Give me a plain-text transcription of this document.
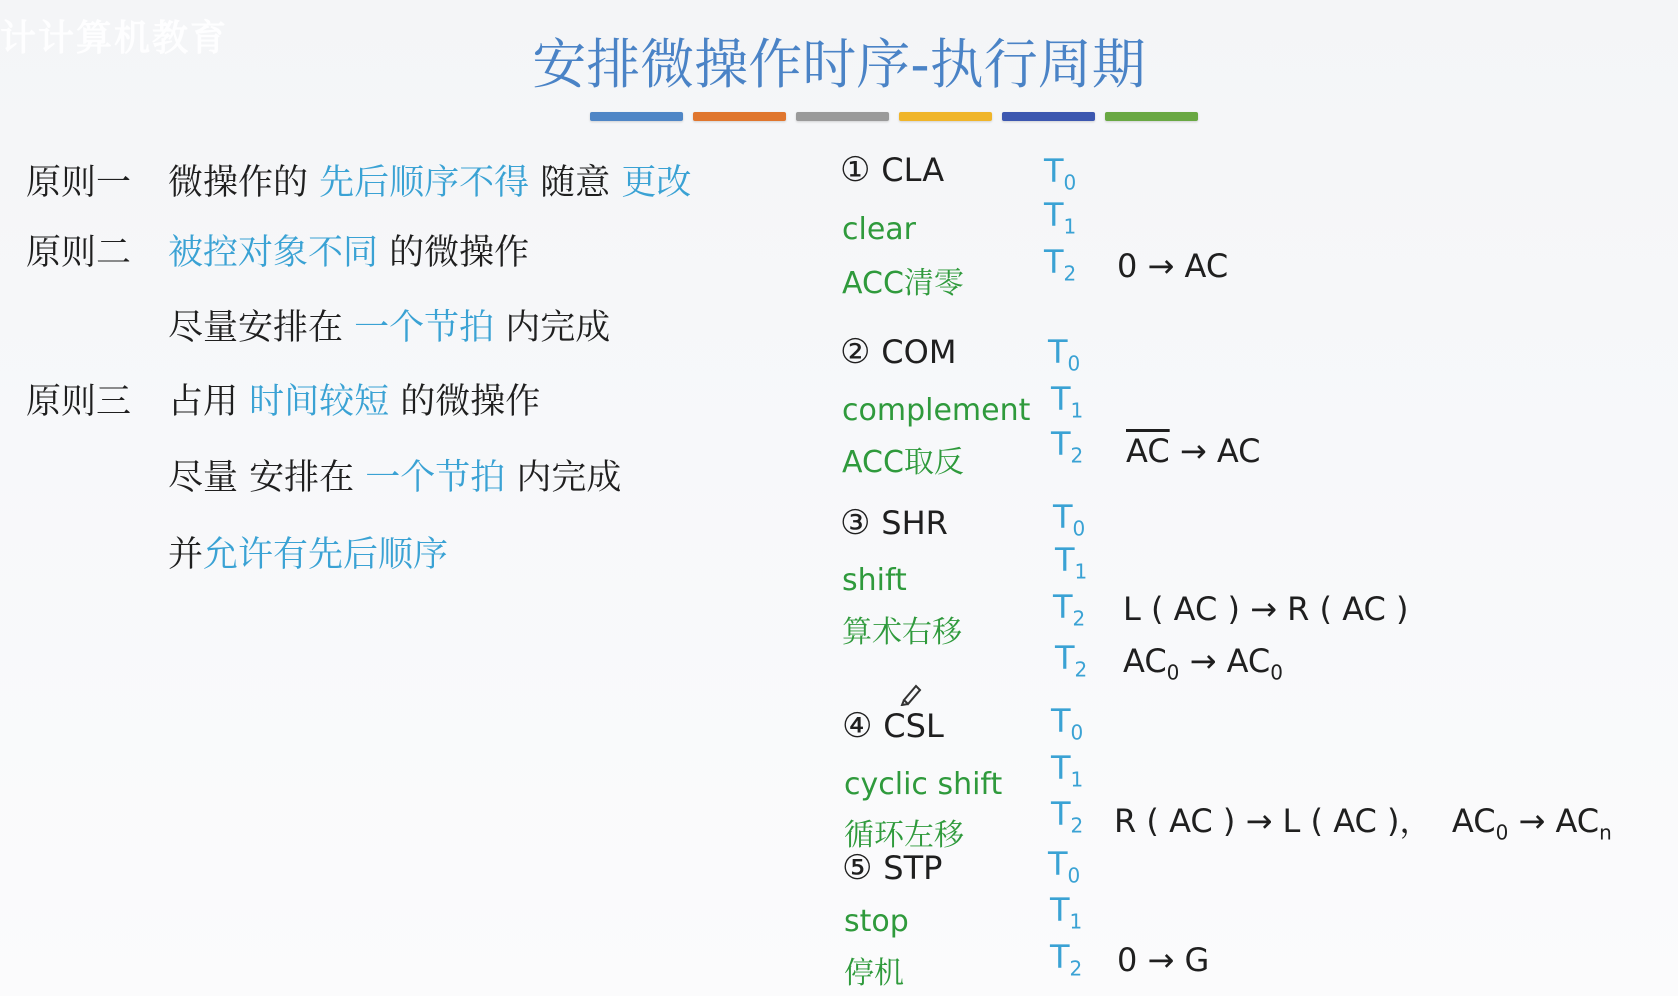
计计算机教育	安排微操作时序-执行周期
原则一 微操作的 先后顺序不得 随意 更改
原则二 被控对象不同 的微操作
尽量安排在 一个节拍 内完成
原则三 占用 时间较短 的微操作
尽量 安排在 一个节拍 内完成
并允许有先后顺序
① CLA
clear
ACC清零
② COM
complement
ACC取反
③ SHR
shift
算术右移
④ CSL
cyclic shift
循环左移
⑤ STP
stop
停机
$T_0$
$T_1$
$T_2$
$T_0$
$T_1$
$T_2$
$T_0$
$T_1$
$T_2$
$T_2$
$T_0$
$T_1$
$T_2$
$T_0$
$T_1$
$T_2$
0 → AC
$\overline{AC}$ → AC
L ( AC ) → R ( AC )
$AC_0 \to AC_0$
R ( AC ) → L ( AC )， $AC_0 \to AC_n$
0 → G
